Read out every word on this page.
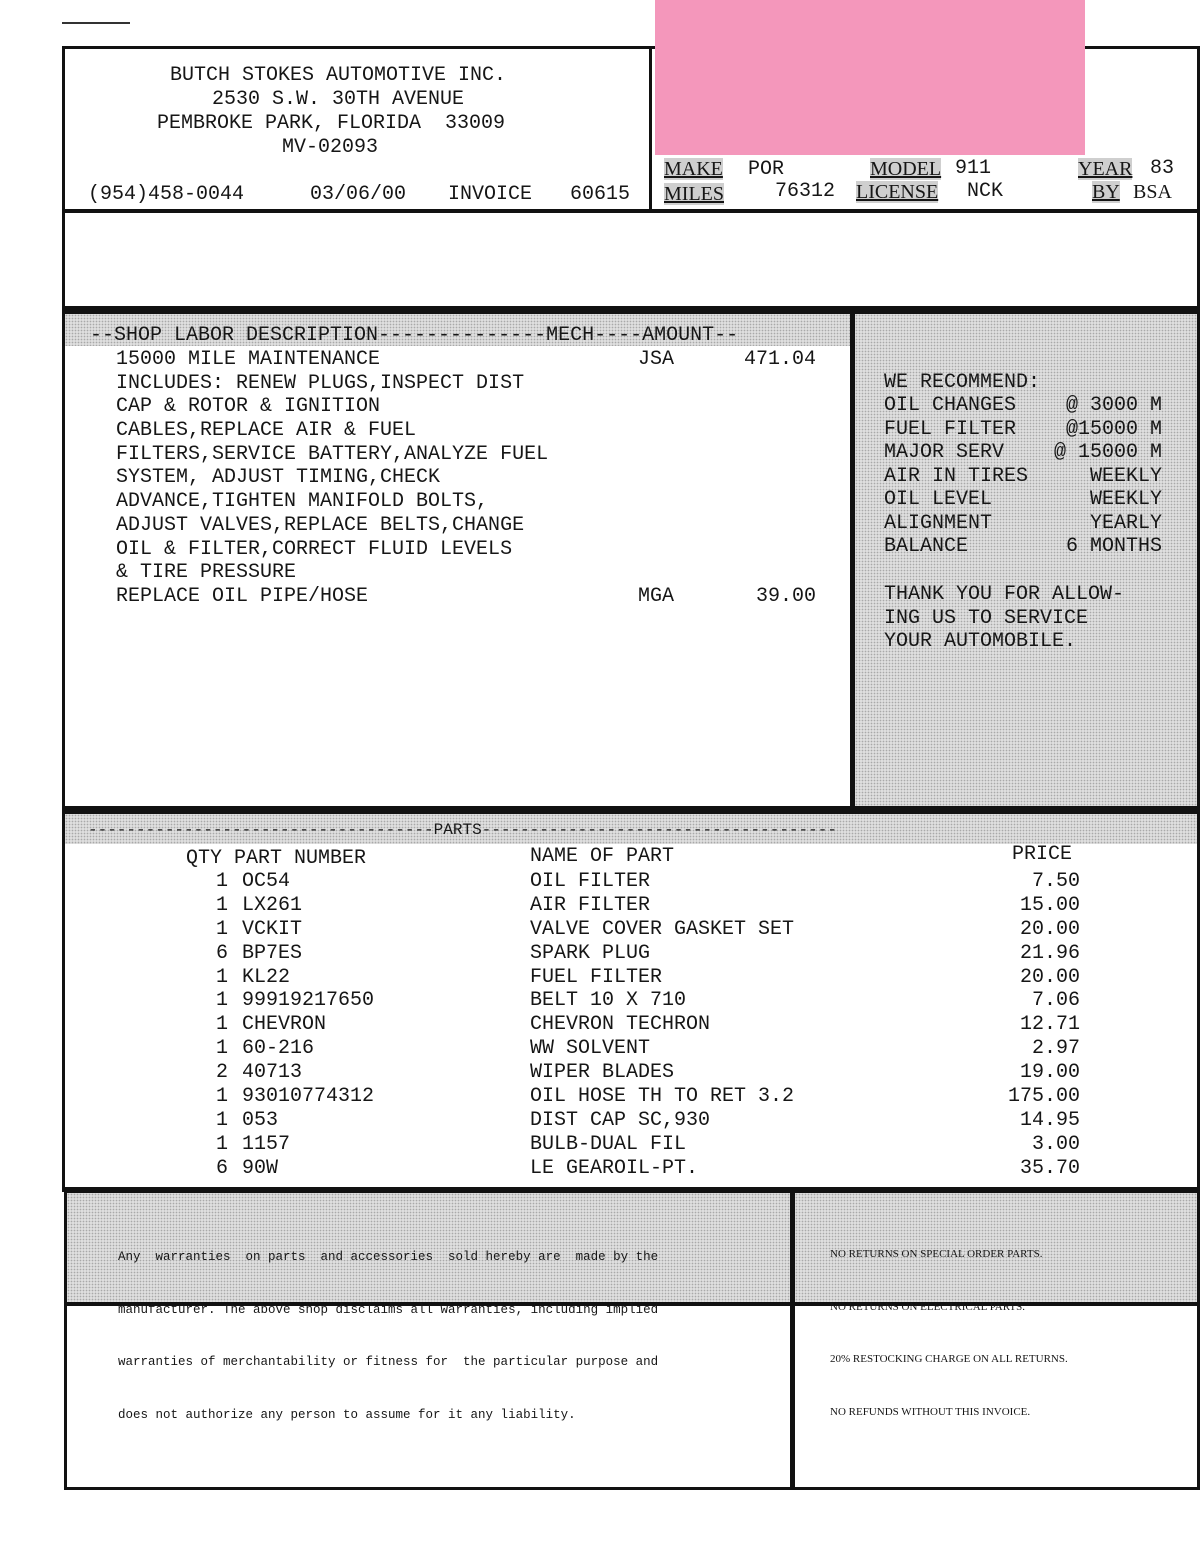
BUTCH STOKES AUTOMOTIVE INC.
2530 S.W. 30TH AVENUE
PEMBROKE PARK, FLORIDA  33009
MV-02093
(954)458-0044	03/06/00 INVOICE 60615
MAKE POR	MODEL 911	YEAR 83
MILES	76312 LICENSE NCK	BY BSA
--SHOP LABOR DESCRIPTION--------------MECH----AMOUNT--
15000 MILE MAINTENANCE	JSA	471.04
INCLUDES: RENEW PLUGS,INSPECT DIST
CAP & ROTOR & IGNITION
CABLES,REPLACE AIR & FUEL
FILTERS,SERVICE BATTERY,ANALYZE FUEL
SYSTEM, ADJUST TIMING,CHECK
ADVANCE,TIGHTEN MANIFOLD BOLTS,
ADJUST VALVES,REPLACE BELTS,CHANGE
OIL & FILTER,CORRECT FLUID LEVELS
& TIRE PRESSURE
REPLACE OIL PIPE/HOSE	MGA	39.00
WE RECOMMEND:
OIL CHANGES @ 3000 M
FUEL FILTER @15000 M
MAJOR SERV @ 15000 M
AIR IN TIRES	WEEKLY
OIL LEVEL	WEEKLY
ALIGNMENT	YEARLY
BALANCE	6 MONTHS
THANK YOU FOR ALLOW-
ING US TO SERVICE
YOUR AUTOMOBILE.
------------------------------------PARTS-------------------------------------
QTY PART NUMBER	NAME OF PART	PRICE
1 OC54	OIL FILTER	7.50
1 LX261	AIR FILTER	15.00
1 VCKIT	VALVE COVER GASKET SET	20.00
6 BP7ES	SPARK PLUG	21.96
1 KL22	FUEL FILTER	20.00
1 99919217650	BELT 10 X 710	7.06
1 CHEVRON	CHEVRON TECHRON	12.71
1 60-216	WW SOLVENT	2.97
2 40713	WIPER BLADES	19.00
1 93010774312	OIL HOSE TH TO RET 3.2	175.00
1 053	DIST CAP SC,930	14.95
1 1157	BULB-DUAL FIL	3.00
6 90W	LE GEAROIL-PT.	35.70

Any  warranties  on parts  and accessories  sold hereby are  made by the

manufacturer. The above shop disclaims all warranties, including implied

warranties of merchantability or fitness for  the particular purpose and

does not authorize any person to assume for it any liability.

NO RETURNS ON SPECIAL ORDER PARTS.

NO RETURNS ON ELECTRICAL PARTS.

20% RESTOCKING CHARGE ON ALL RETURNS.

NO REFUNDS WITHOUT THIS INVOICE.
